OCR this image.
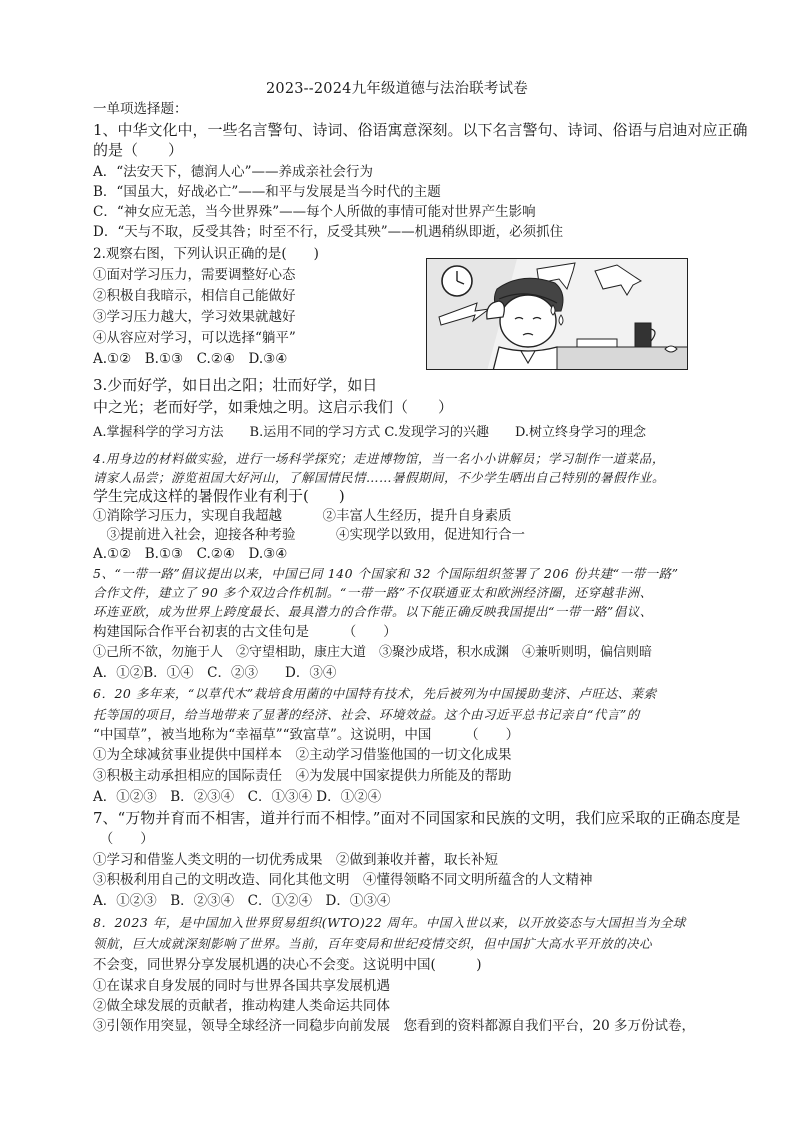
2023--2024九年级道德与法治联考试卷
一单项选择题：
1、中华文化中，一些名言警句、诗词、俗语寓意深刻。以下名言警句、诗词、俗语与启迪对应正确
的是（　　）
A．“法安天下，德润人心”——养成亲社会行为
B．“国虽大，好战必亡”——和平与发展是当今时代的主题
C．“神女应无恙，当今世界殊”——每个人所做的事情可能对世界产生影响
D．“天与不取，反受其咎；时至不行，反受其殃”——机遇稍纵即逝，必须抓住
2.观察右图，下列认识正确的是(　　)
①面对学习压力，需要调整好心态
②积极自我暗示，相信自己能做好
③学习压力越大，学习效果就越好
④从容应对学习，可以选择“躺平”
A.①②　B.①③　C.②④　D.③④
3.少而好学，如日出之阳；壮而好学，如日
中之光；老而好学，如秉烛之明。这启示我们（　　）
A.掌握科学的学习方法　　B.运用不同的学习方式 C.发现学习的兴趣　　D.树立终身学习的理念
4.用身边的材料做实验，进行一场科学探究；走进博物馆，当一名小小讲解员；学习制作一道菜品，
请家人品尝；游览祖国大好河山，了解国情民情……暑假期间，不少学生晒出自己特别的暑假作业。
学生完成这样的暑假作业有利于(　　)
①消除学习压力，实现自我超越　　　②丰富人生经历，提升自身素质
　③提前进入社会，迎接各种考验　　　④实现学以致用，促进知行合一
A.①②　B.①③　C.②④　D.③④
5、“一带一路”倡议提出以来，中国已同 140 个国家和 32 个国际组织签署了 206 份共建“一带一路”
合作文件，建立了 90 多个双边合作机制。“一带一路”不仅联通亚太和欧洲经济圈，还穿越非洲、
环连亚欧，成为世界上跨度最长、最具潜力的合作带。以下能正确反映我国提出“一带一路”倡议、
构建国际合作平台初衷的古文佳句是　　　（　　）
①己所不欲，勿施于人　②守望相助，康庄大道　③聚沙成塔，积水成渊　④兼听则明，偏信则暗
A．①②B．①④　C．②③　　D．③④
6．20 多年来，“以草代木”栽培食用菌的中国特有技术，先后被列为中国援助斐济、卢旺达、莱索
托等国的项目，给当地带来了显著的经济、社会、环境效益。这个由习近平总书记亲自“代言”的
“中国草”，被当地称为“幸福草”“致富草”。这说明，中国　　　（　　）
①为全球减贫事业提供中国样本　②主动学习借鉴他国的一切文化成果
③积极主动承担相应的国际责任　④为发展中国家提供力所能及的帮助
A．①②③　B．②③④　C．①③④ D．①②④
7、“万物并育而不相害，道并行而不相悖。”面对不同国家和民族的文明，我们应采取的正确态度是
　（　　）
①学习和借鉴人类文明的一切优秀成果　②做到兼收并蓄，取长补短
③积极利用自己的文明改造、同化其他文明　④懂得领略不同文明所蕴含的人文精神
A．①②③　B．②③④　C．①②④　D．①③④
8．2023 年，是中国加入世界贸易组织(WTO)22 周年。中国入世以来，以开放姿态与大国担当为全球
领航，巨大成就深刻影响了世界。当前，百年变局和世纪疫情交织，但中国扩大高水平开放的决心
不会变，同世界分享发展机遇的决心不会变。这说明中国(　　　)
①在谋求自身发展的同时与世界各国共享发展机遇
②做全球发展的贡献者，推动构建人类命运共同体
③引领作用突显，领导全球经济一同稳步向前发展　您看到的资料都源自我们平台，20 多万份试卷，
